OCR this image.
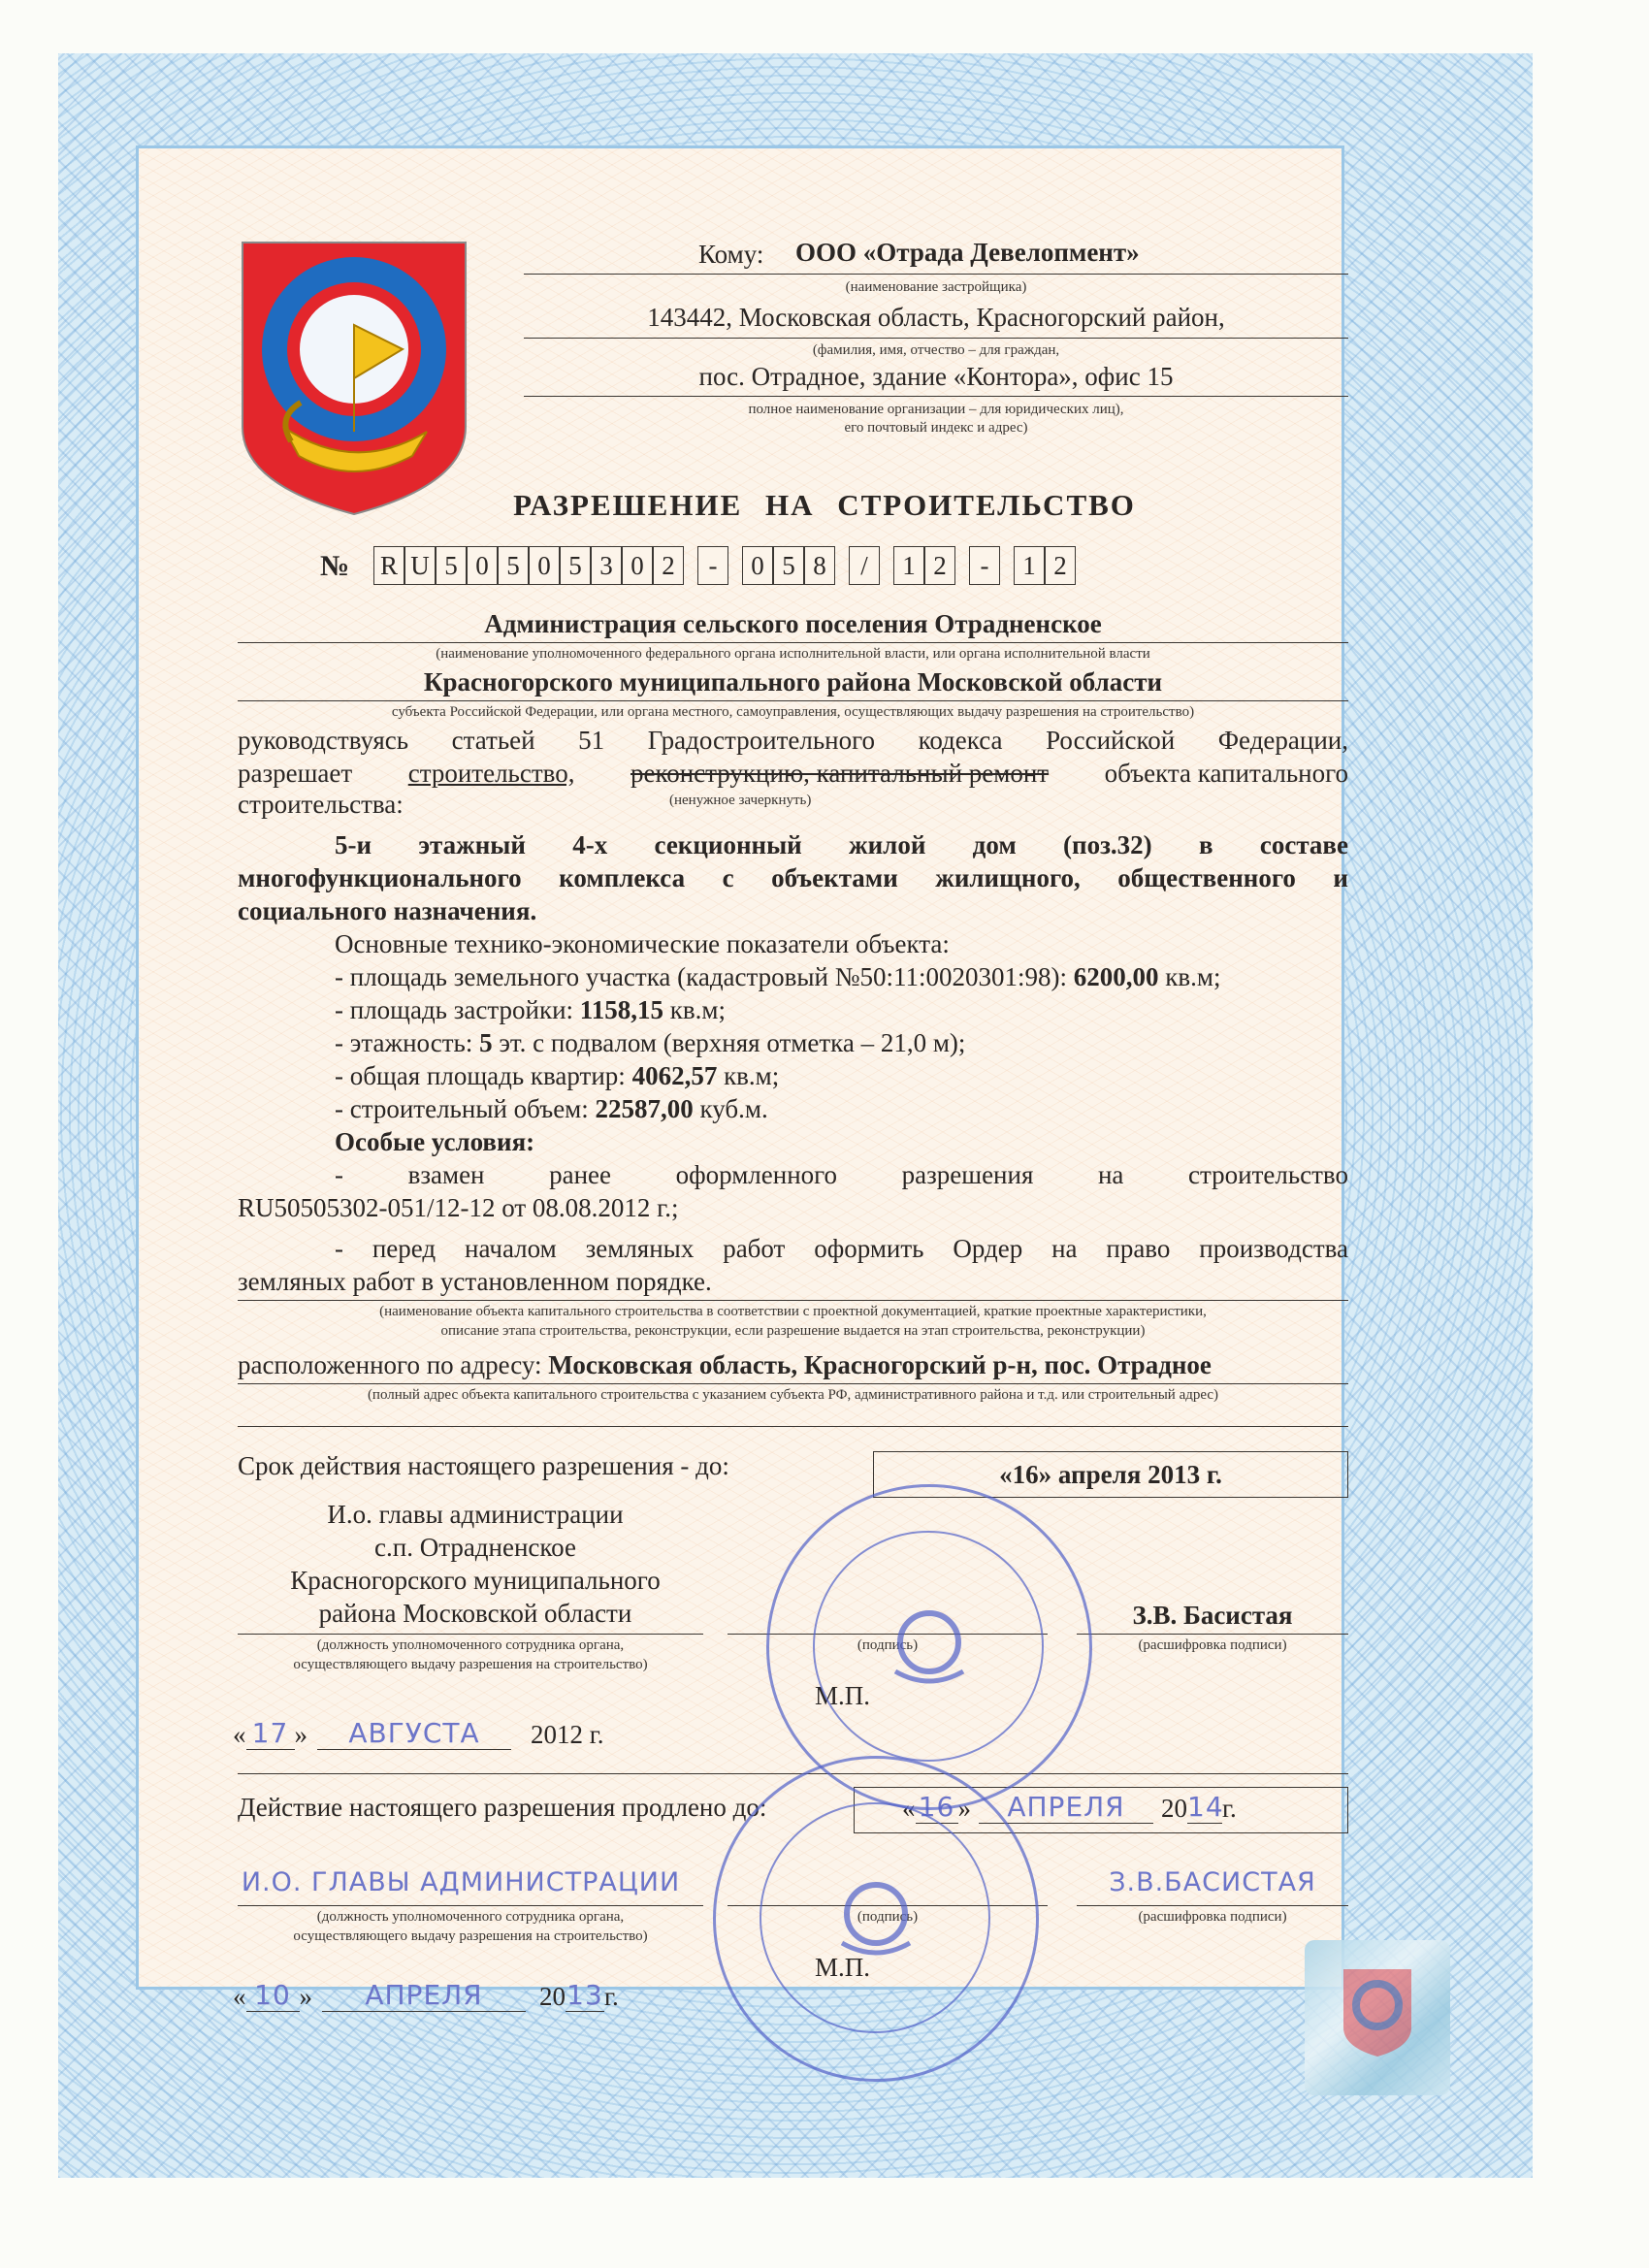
Кому: ООО «Отрада Девелопмент»
(наименование застройщика)
143442, Московская область, Красногорский район,
(фамилия, имя, отчество – для граждан,
пос. Отрадное, здание «Контора», офис 15
полное наименование организации – для юридических лиц),
его почтовый индекс и адрес)
РАЗРЕШЕНИЕ НА СТРОИТЕЛЬСТВО
№ R U 5 0 5 0 5 3 0 2	-	0 5 8	/	1 2	-	1 2
Администрация сельского поселения Отрадненское
(наименование уполномоченного федерального органа исполнительной власти, или органа исполнительной власти
Красногорского муниципального района Московской области
субъекта Российской Федерации, или органа местного, самоуправления, осуществляющих выдачу разрешения на строительство)
руководствуясь статьей 51 Градостроительного кодекса Российской Федерации,
разрешает строительство, реконструкцию, капитальный ремонт объекта капитального
строительства:	(ненужное зачеркнуть)
5-и этажный 4-х секционный жилой дом (поз.32) в составе
многофункционального комплекса с объектами жилищного, общественного и
социального назначения.
Основные технико-экономические показатели объекта:
- площадь земельного участка (кадастровый №50:11:0020301:98): 6200,00 кв.м;
- площадь застройки: 1158,15 кв.м;
- этажность: 5 эт. с подвалом (верхняя отметка – 21,0 м);
- общая площадь квартир: 4062,57 кв.м;
- строительный объем: 22587,00 куб.м.
Особые условия:
- взамен ранее оформленного разрешения на строительство
RU50505302-051/12-12 от 08.08.2012 г.;
- перед началом земляных работ оформить Ордер на право производства
земляных работ в установленном порядке.
(наименование объекта капитального строительства в соответствии с проектной документацией, краткие проектные характеристики,
описание этапа строительства, реконструкции, если разрешение выдается на этап строительства, реконструкции)
расположенного по адресу: Московская область, Красногорский р-н, пос. Отрадное
(полный адрес объекта капитального строительства с указанием субъекта РФ, административного района и т.д. или строительный адрес)
Срок действия настоящего разрешения - до:	«16» апреля 2013 г.
И.о. главы администрации
с.п. Отрадненское
Красногорского муниципального
района Московской области
(должность уполномоченного сотрудника органа,
осуществляющего выдачу разрешения на строительство)
(подпись)
З.В. Басистая
(расшифровка подписи)
М.П.
« 17 »	АВГУСТА	2012 г.
Действие настоящего разрешения продлено до:	« 16 »	АПРЕЛЯ	20 14
г.
И.О. ГЛАВЫ АДМИНИСТРАЦИИ
(должность уполномоченного сотрудника органа,
осуществляющего выдачу разрешения на строительство)
(подпись)
З.В.БАСИСТАЯ
(расшифровка подписи)
М.П.
« 10 »	АПРЕЛЯ	20 13 г.
